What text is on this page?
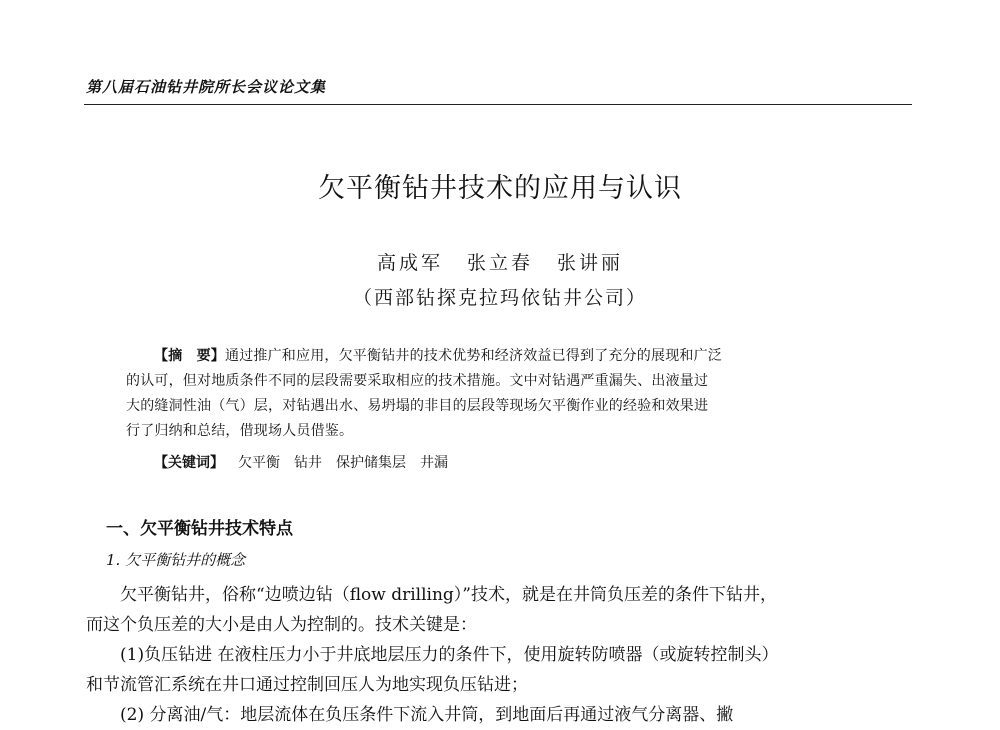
第八届石油钻井院所长会议论文集
欠平衡钻井技术的应用与认识
高成军 张立春 张讲丽
（西部钻探克拉玛依钻井公司）
【摘　要】通过推广和应用，欠平衡钻井的技术优势和经济效益已得到了充分的展现和广泛
的认可，但对地质条件不同的层段需要采取相应的技术措施。文中对钻遇严重漏失、出液量过
大的缝洞性油（气）层，对钻遇出水、易坍塌的非目的层段等现场欠平衡作业的经验和效果进
行了归纳和总结，借现场人员借鉴。
【关键词】 欠平衡 钻井 保护储集层 井漏
一、欠平衡钻井技术特点
1. 欠平衡钻井的概念
欠平衡钻井，俗称“边喷边钻（flow drilling）”技术，就是在井筒负压差的条件下钻井，
而这个负压差的大小是由人为控制的。技术关键是：
(1)负压钻进 在液柱压力小于井底地层压力的条件下，使用旋转防喷器（或旋转控制头）
和节流管汇系统在井口通过控制回压人为地实现负压钻进；
(2) 分离油/气：地层流体在负压条件下流入井筒，到地面后再通过液气分离器、撇
